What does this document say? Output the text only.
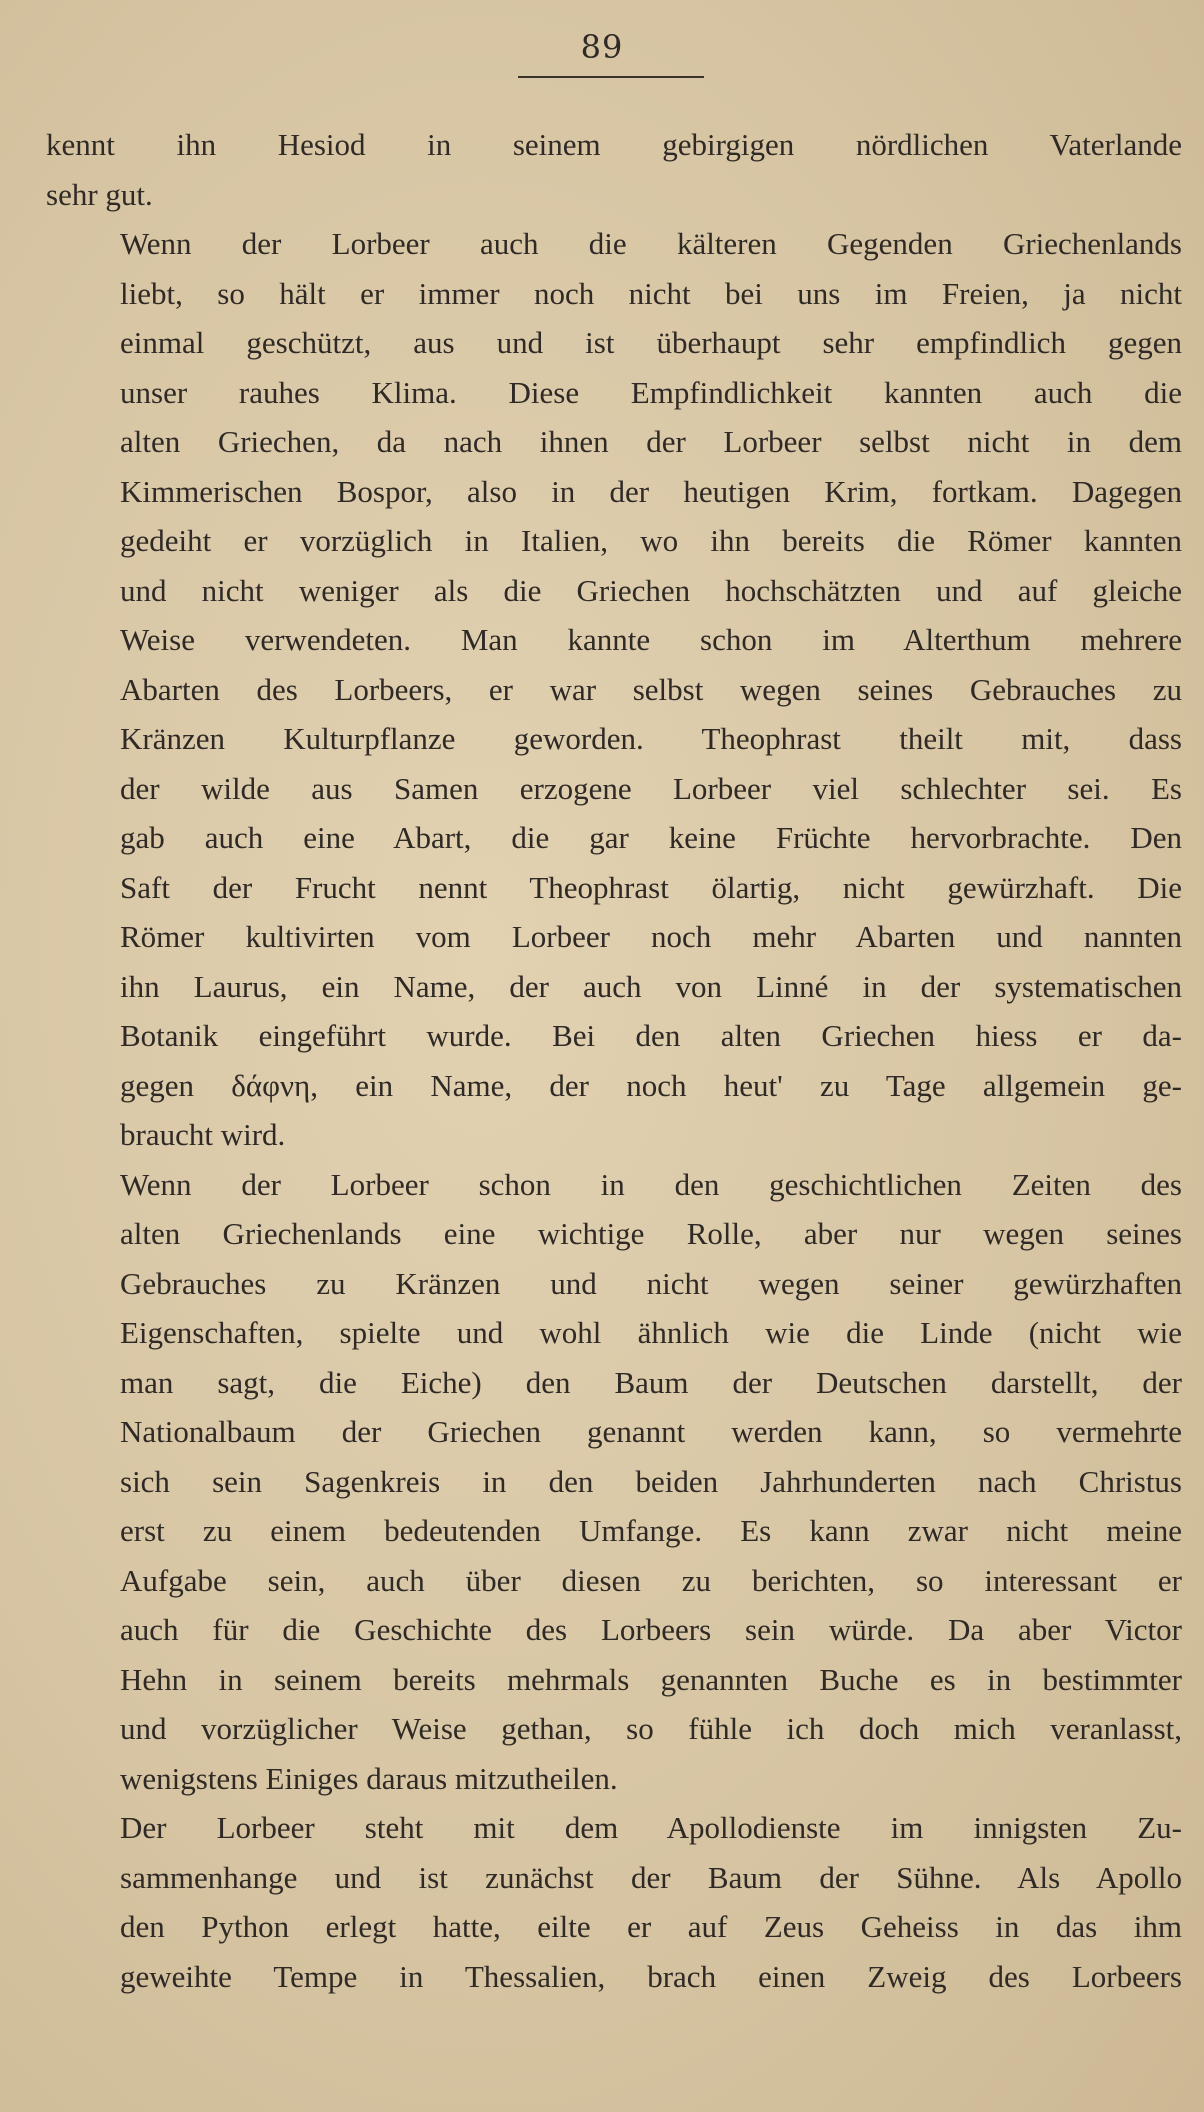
89

kennt ihn Hesiod in seinem gebirgigen nördlichen Vaterlande
sehr gut.

Wenn der Lorbeer auch die kälteren Gegenden Griechenlands
liebt, so hält er immer noch nicht bei uns im Freien, ja nicht
einmal geschützt, aus und ist überhaupt sehr empfindlich gegen
unser rauhes Klima. Diese Empfindlichkeit kannten auch die
alten Griechen, da nach ihnen der Lorbeer selbst nicht in dem
Kimmerischen Bospor, also in der heutigen Krim, fortkam. Dagegen
gedeiht er vorzüglich in Italien, wo ihn bereits die Römer kannten
und nicht weniger als die Griechen hochschätzten und auf gleiche
Weise verwendeten. Man kannte schon im Alterthum mehrere
Abarten des Lorbeers, er war selbst wegen seines Gebrauches zu
Kränzen Kulturpflanze geworden. Theophrast theilt mit, dass
der wilde aus Samen erzogene Lorbeer viel schlechter sei. Es
gab auch eine Abart, die gar keine Früchte hervorbrachte. Den
Saft der Frucht nennt Theophrast ölartig, nicht gewürzhaft. Die
Römer kultivirten vom Lorbeer noch mehr Abarten und nannten
ihn Laurus, ein Name, der auch von Linné in der systematischen
Botanik eingeführt wurde. Bei den alten Griechen hiess er da-
gegen δάφνη, ein Name, der noch heut' zu Tage allgemein ge-
braucht wird.

Wenn der Lorbeer schon in den geschichtlichen Zeiten des
alten Griechenlands eine wichtige Rolle, aber nur wegen seines
Gebrauches zu Kränzen und nicht wegen seiner gewürzhaften
Eigenschaften, spielte und wohl ähnlich wie die Linde (nicht wie
man sagt, die Eiche) den Baum der Deutschen darstellt, der
Nationalbaum der Griechen genannt werden kann, so vermehrte
sich sein Sagenkreis in den beiden Jahrhunderten nach Christus
erst zu einem bedeutenden Umfange. Es kann zwar nicht meine
Aufgabe sein, auch über diesen zu berichten, so interessant er
auch für die Geschichte des Lorbeers sein würde. Da aber Victor
Hehn in seinem bereits mehrmals genannten Buche es in bestimmter
und vorzüglicher Weise gethan, so fühle ich doch mich veranlasst,
wenigstens Einiges daraus mitzutheilen.

Der Lorbeer steht mit dem Apollodienste im innigsten Zu-
sammenhange und ist zunächst der Baum der Sühne. Als Apollo
den Python erlegt hatte, eilte er auf Zeus Geheiss in das ihm
geweihte Tempe in Thessalien, brach einen Zweig des Lorbeers
